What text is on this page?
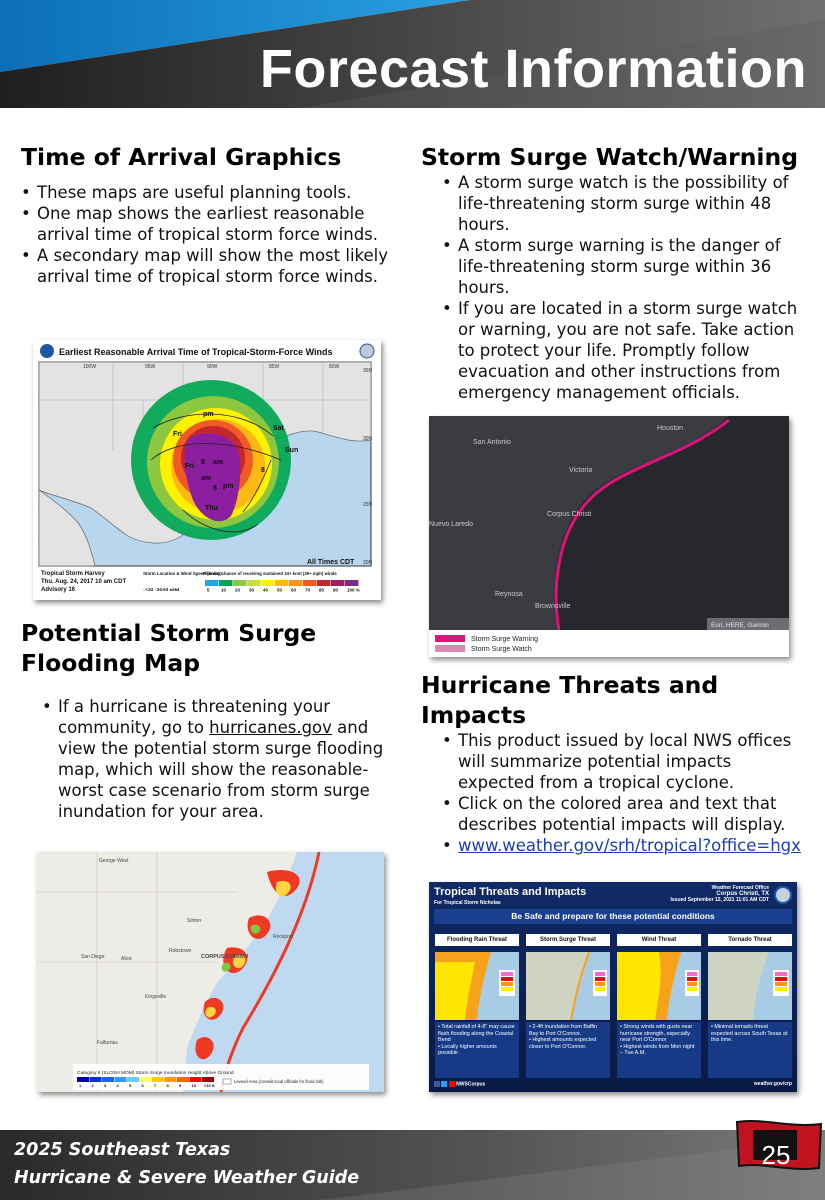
Forecast Information
Time of Arrival Graphics
• These maps are useful planning tools.
• One map shows the earliest reasonable arrival time of tropical storm force winds.
• A secondary map will show the most likely arrival time of tropical storm force winds.
Earliest Reasonable Arrival Time of Tropical-Storm-Force Winds
pm
Fri
am
Sat
Fri
8
am
8 pm
Thu
Sun
8
100W	95W	90W	85W	80W
35N
30N
25N
20N
All Times CDT
Tropical Storm Harvey
Thu. Aug. 24, 2017 10 am CDT
Advisory 16
Storm Location & Wind Speed (knots)
○<34 ◌34-63 ●≥64
Five-day chance of receiving sustained 34+ knot (39+ mph) winds
5	10 20 30 40 50 60 70 80 90 100 %
Potential Storm Surge
Flooding Map
• If a hurricane is threatening your community, go to hurricanes.gov and view the potential storm surge flooding map, which will show the reasonable-worst case scenario from storm surge inundation for your area.
George West
Sinton
Rockport
Robstown
CORPUS CHRISTI
San Diego	Alice
Kingsville
Falfurrias
Category 5 (SLOSH MOM) Storm Surge Inundation Height Above Ground
Leveed Area (consult local officials for flood risk)
1	2	3	4	5	6	7	8	9	10 >10 ft
Storm Surge Watch/Warning
• A storm surge watch is the possibility of life-threatening storm surge within 48 hours.
• A storm surge warning is the danger of life-threatening storm surge within 36 hours.
• If you are located in a storm surge watch or warning, you are not safe. Take action to protect your life. Promptly follow evacuation and other instructions from emergency management officials.
San Antonio
Houston
Victoria
Corpus Christi
Nuevo Laredo
Reynosa
Brownsville
Esri, HERE, Garmin
Storm Surge Warning
Storm Surge Watch
Hurricane Threats and
Impacts
• This product issued by local NWS offices will summarize potential impacts expected from a tropical cyclone.
• Click on the colored area and text that describes potential impacts will display.
• www.weather.gov/srh/tropical?office=hgx
Tropical Threats and Impacts
For Tropical Storm Nicholas
Weather Forecast Office
Corpus Christi, TX
Issued September 12, 2021 11:01 AM CDT
Be Safe and prepare for these potential conditions
Flooding Rain Threat	Storm Surge Threat	Wind Threat	Tornado Threat
• Total rainfall of 4-8" may cause flash flooding along the Coastal Bend
• Locally higher amounts possible
• 2-4ft inundation from Baffin Bay to Port O'Connor.
• Highest amounts expected closer to Port O'Connor.
• Strong winds with gusts near hurricane strength, especially near Port O'Connor
• Highest winds from Mon night – Tue A.M.
• Minimal tornado threat expected across South Texas at this time.
NWSCorpus	weather.gov/crp
2025 Southeast Texas
Hurricane & Severe Weather Guide
25
